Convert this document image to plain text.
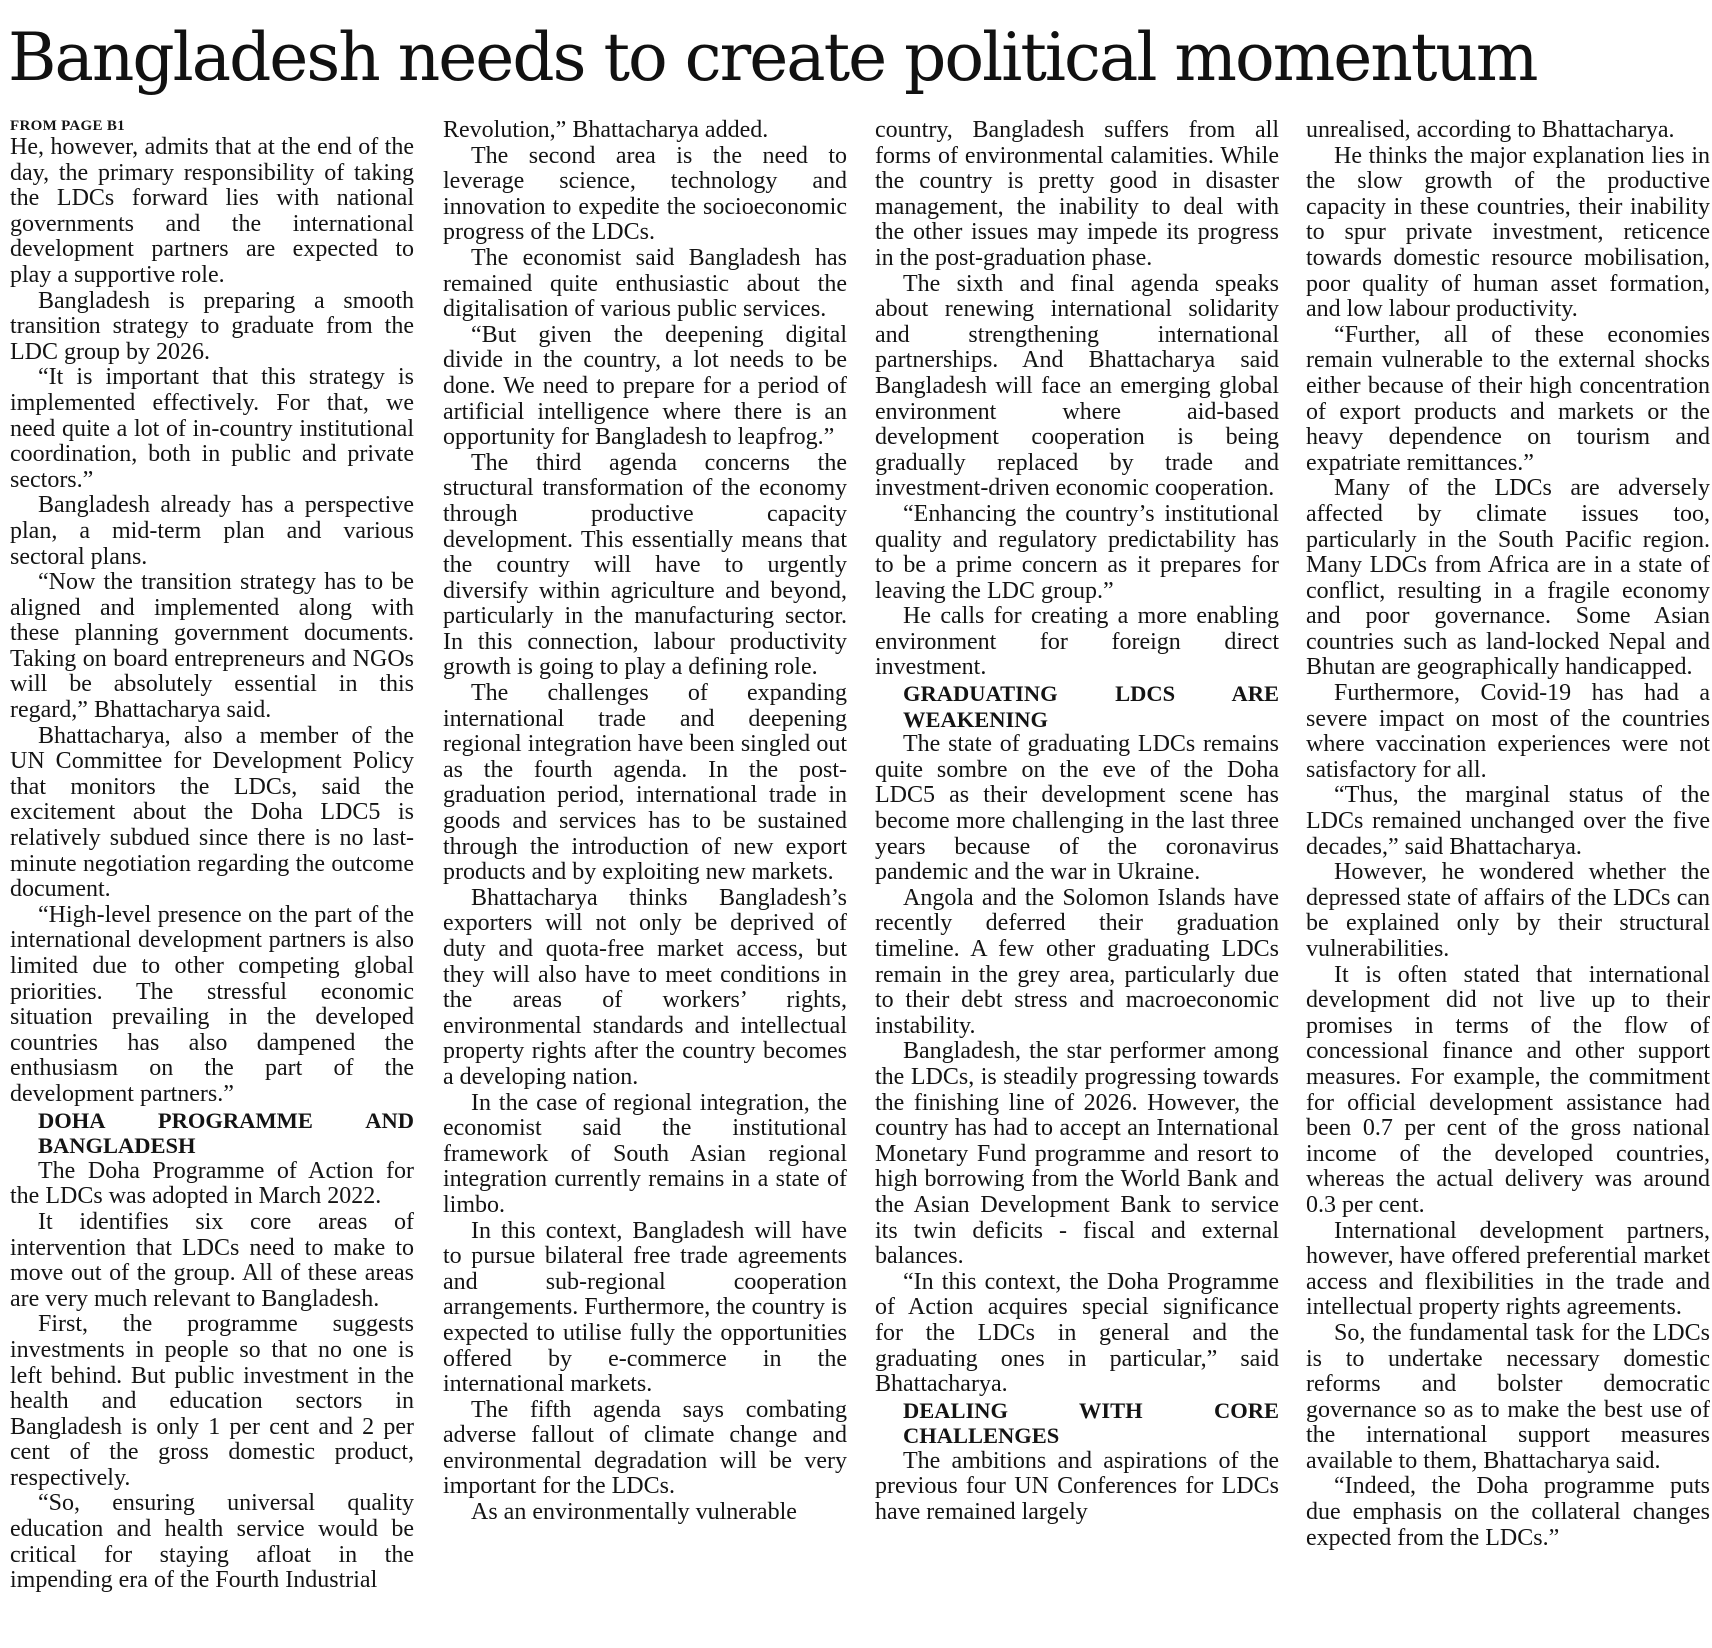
Bangladesh needs to create political momentum
FROM PAGE B1

He, however, admits that at the end of the day, the primary responsibility of taking the LDCs forward lies with national governments and the international development partners are expected to play a supportive role.

Bangladesh is preparing a smooth transition strategy to graduate from the LDC group by 2026.

“It is important that this strategy is implemented effectively. For that, we need quite a lot of in-country institutional coordination, both in public and private sectors.”

Bangladesh already has a perspective plan, a mid-term plan and various sectoral plans.

“Now the transition strategy has to be aligned and implemented along with these planning government documents. Taking on board entrepreneurs and NGOs will be absolutely essential in this regard,” Bhattacharya said.

Bhattacharya, also a member of the UN Committee for Development Policy that monitors the LDCs, said the excitement about the Doha LDC5 is relatively subdued since there is no last-minute negotiation regarding the outcome document.

“High-level presence on the part of the international development partners is also limited due to other competing global priorities. The stressful economic situation prevailing in the developed countries has also dampened the enthusiasm on the part of the development partners.”

DOHA PROGRAMME AND BANGLADESH

The Doha Programme of Action for the LDCs was adopted in March 2022.

It identifies six core areas of intervention that LDCs need to make to move out of the group. All of these areas are very much relevant to Bangladesh.

First, the programme suggests investments in people so that no one is left behind. But public investment in the health and education sectors in Bangladesh is only 1 per cent and 2 per cent of the gross domestic product, respectively.

“So, ensuring universal quality education and health service would be critical for staying afloat in the impending era of the Fourth Industrial

Revolution,” Bhattacharya added.

The second area is the need to leverage science, technology and innovation to expedite the socioeconomic progress of the LDCs.

The economist said Bangladesh has remained quite enthusiastic about the digitalisation of various public services.

“But given the deepening digital divide in the country, a lot needs to be done. We need to prepare for a period of artificial intelligence where there is an opportunity for Bangladesh to leapfrog.”

The third agenda concerns the structural transformation of the economy through productive capacity development. This essentially means that the country will have to urgently diversify within agriculture and beyond, particularly in the manufacturing sector. In this connection, labour productivity growth is going to play a defining role.

The challenges of expanding international trade and deepening regional integration have been singled out as the fourth agenda. In the post-graduation period, international trade in goods and services has to be sustained through the introduction of new export products and by exploiting new markets.

Bhattacharya thinks Bangladesh’s exporters will not only be deprived of duty and quota-free market access, but they will also have to meet conditions in the areas of workers’ rights, environmental standards and intellectual property rights after the country becomes a developing nation.

In the case of regional integration, the economist said the institutional framework of South Asian regional integration currently remains in a state of limbo.

In this context, Bangladesh will have to pursue bilateral free trade agreements and sub-regional cooperation arrangements. Furthermore, the country is expected to utilise fully the opportunities offered by e-commerce in the international markets.

The fifth agenda says combating adverse fallout of climate change and environmental degradation will be very important for the LDCs.

As an environmentally vulnerable

country, Bangladesh suffers from all forms of environmental calamities. While the country is pretty good in disaster management, the inability to deal with the other issues may impede its progress in the post-graduation phase.

The sixth and final agenda speaks about renewing international solidarity and strengthening international partnerships. And Bhattacharya said Bangladesh will face an emerging global environment where aid-based development cooperation is being gradually replaced by trade and investment-driven economic cooperation.

“Enhancing the country’s institutional quality and regulatory predictability has to be a prime concern as it prepares for leaving the LDC group.”

He calls for creating a more enabling environment for foreign direct investment.

GRADUATING LDCS ARE WEAKENING

The state of graduating LDCs remains quite sombre on the eve of the Doha LDC5 as their development scene has become more challenging in the last three years because of the coronavirus pandemic and the war in Ukraine.

Angola and the Solomon Islands have recently deferred their graduation timeline. A few other graduating LDCs remain in the grey area, particularly due to their debt stress and macroeconomic instability.

Bangladesh, the star performer among the LDCs, is steadily progressing towards the finishing line of 2026. However, the country has had to accept an International Monetary Fund programme and resort to high borrowing from the World Bank and the Asian Development Bank to service its twin deficits - fiscal and external balances.

“In this context, the Doha Programme of Action acquires special significance for the LDCs in general and the graduating ones in particular,” said Bhattacharya.

DEALING WITH CORE CHALLENGES

The ambitions and aspirations of the previous four UN Conferences for LDCs have remained largely

unrealised, according to Bhattacharya.

He thinks the major explanation lies in the slow growth of the productive capacity in these countries, their inability to spur private investment, reticence towards domestic resource mobilisation, poor quality of human asset formation, and low labour productivity.

“Further, all of these economies remain vulnerable to the external shocks either because of their high concentration of export products and markets or the heavy dependence on tourism and expatriate remittances.”

Many of the LDCs are adversely affected by climate issues too, particularly in the South Pacific region. Many LDCs from Africa are in a state of conflict, resulting in a fragile economy and poor governance. Some Asian countries such as land-locked Nepal and Bhutan are geographically handicapped.

Furthermore, Covid-19 has had a severe impact on most of the countries where vaccination experiences were not satisfactory for all.

“Thus, the marginal status of the LDCs remained unchanged over the five decades,” said Bhattacharya.

However, he wondered whether the depressed state of affairs of the LDCs can be explained only by their structural vulnerabilities.

It is often stated that international development did not live up to their promises in terms of the flow of concessional finance and other support measures. For example, the commitment for official development assistance had been 0.7 per cent of the gross national income of the developed countries, whereas the actual delivery was around 0.3 per cent.

International development partners, however, have offered preferential market access and flexibilities in the trade and intellectual property rights agreements.

So, the fundamental task for the LDCs is to undertake necessary domestic reforms and bolster democratic governance so as to make the best use of the international support measures available to them, Bhattacharya said.

“Indeed, the Doha programme puts due emphasis on the collateral changes expected from the LDCs.”
